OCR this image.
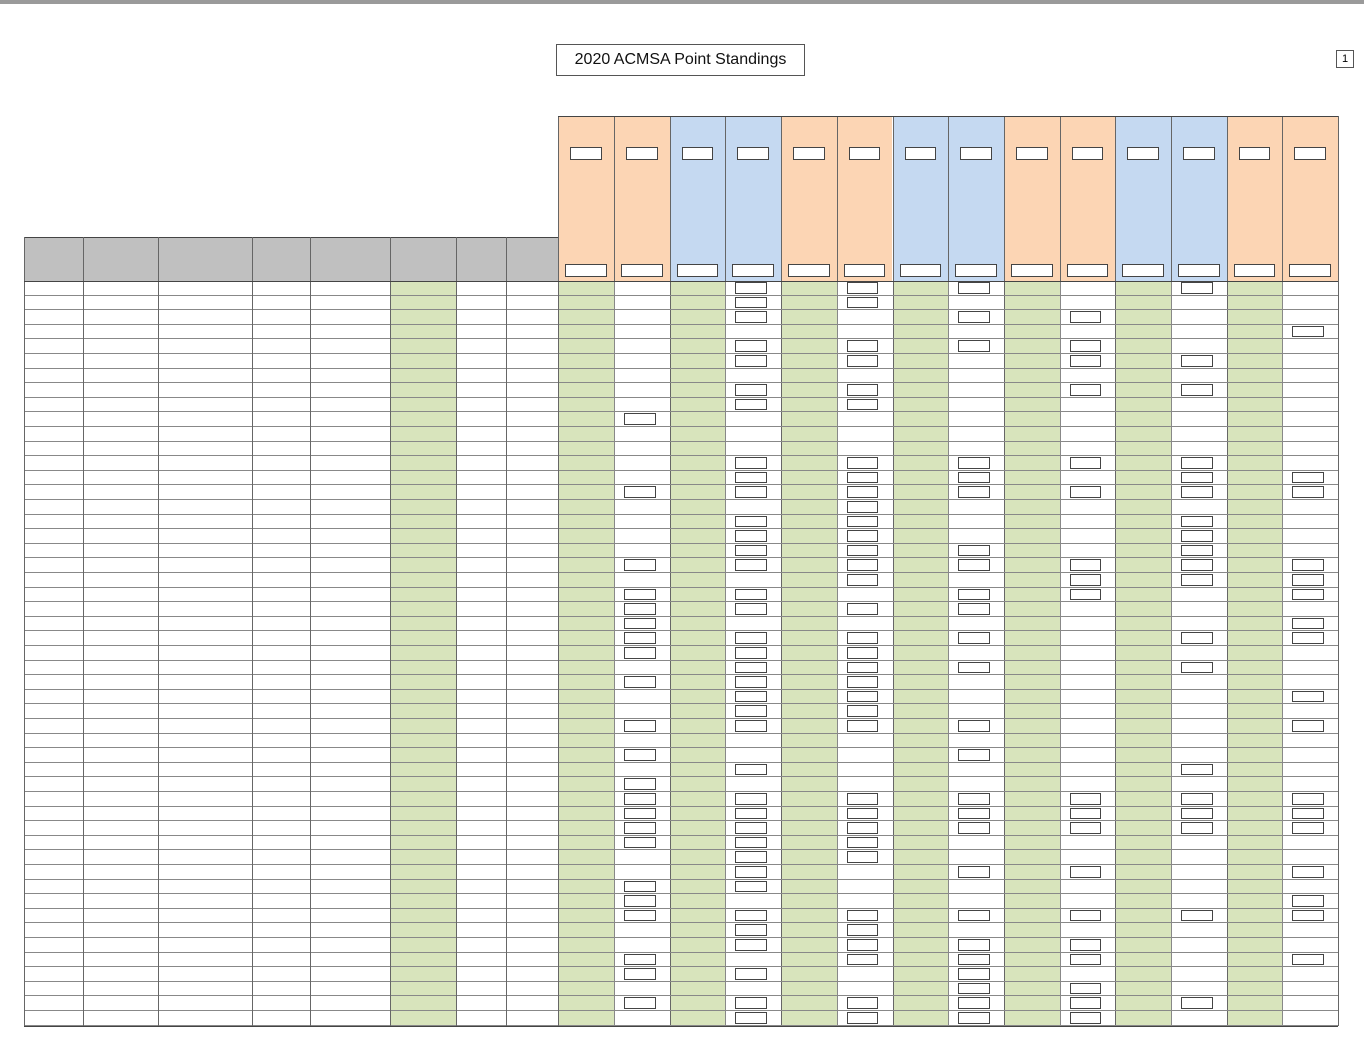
2020 ACMSA Point Standings	1
